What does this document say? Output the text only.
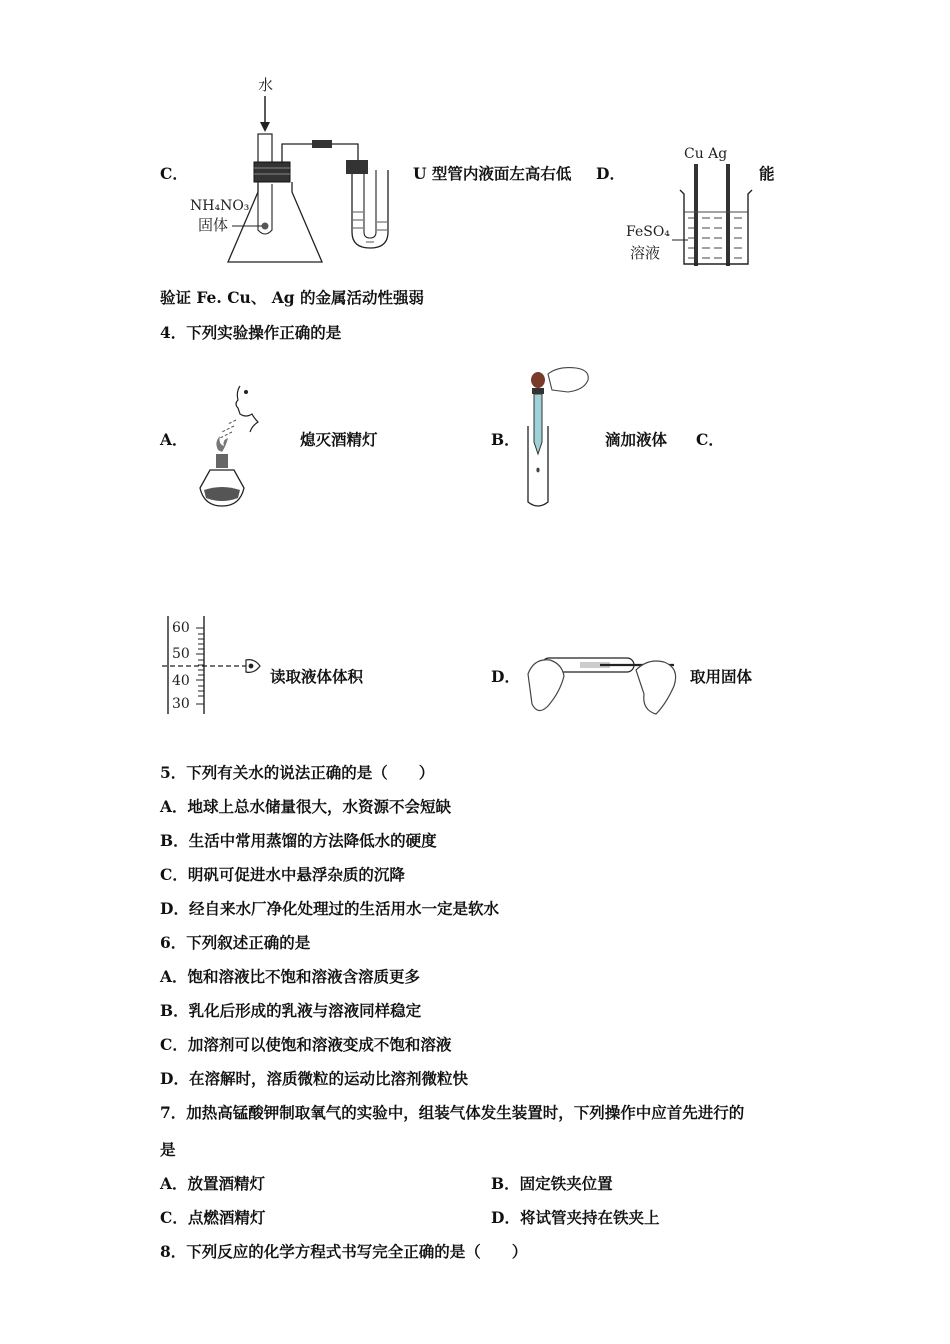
C．
水
NH₄NO₃
固体
U 型管内液面左高右低 D．
Cu Ag
FeSO₄
溶液
能
验证 Fe. Cu、 Ag 的金属活动性强弱
4．下列实验操作正确的是
A．	熄灭酒精灯	B．	滴加液体 C．
60
50
40
30
读取液体体积	D．	取用固体
5．下列有关水的说法正确的是（　　）
A．地球上总水储量很大，水资源不会短缺
B．生活中常用蒸馏的方法降低水的硬度
C．明矾可促进水中悬浮杂质的沉降
D．经自来水厂净化处理过的生活用水一定是软水
6．下列叙述正确的是
A．饱和溶液比不饱和溶液含溶质更多
B．乳化后形成的乳液与溶液同样稳定
C．加溶剂可以使饱和溶液变成不饱和溶液
D．在溶解时，溶质微粒的运动比溶剂微粒快
7．加热高锰酸钾制取氧气的实验中，组装气体发生装置时，下列操作中应首先进行的
是
A．放置酒精灯	B．固定铁夹位置
C．点燃酒精灯	D．将试管夹持在铁夹上
8．下列反应的化学方程式书写完全正确的是（　　）
